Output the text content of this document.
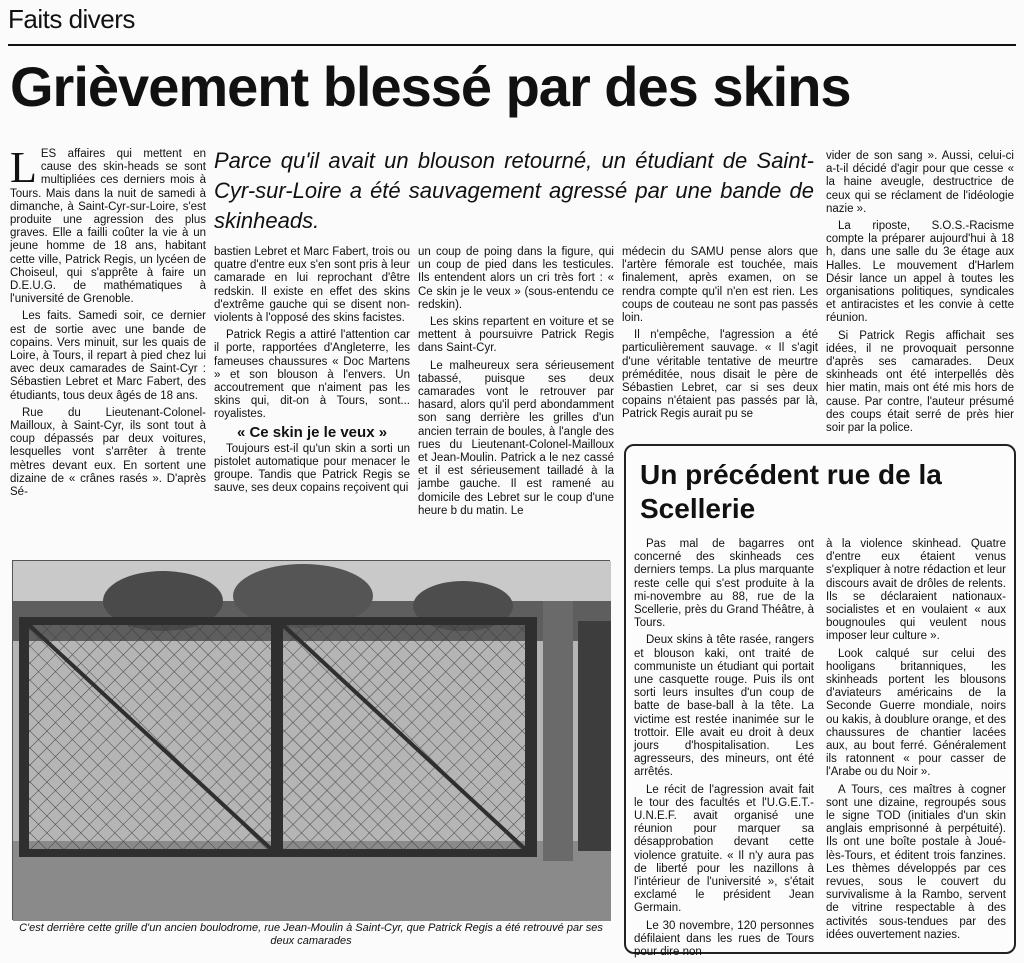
Faits divers
Grièvement blessé par des skins

LES affaires qui mettent en cause des skin-heads se sont multipliées ces derniers mois à Tours. Mais dans la nuit de samedi à dimanche, à Saint-Cyr-sur-Loire, s'est produite une agression des plus graves. Elle a failli coûter la vie à un jeune homme de 18 ans, habitant cette ville, Patrick Regis, un lycéen de Choiseul, qui s'apprête à faire un D.E.U.G. de mathématiques à l'université de Grenoble.

Les faits. Samedi soir, ce dernier est de sortie avec une bande de copains. Vers minuit, sur les quais de Loire, à Tours, il repart à pied chez lui avec deux camarades de Saint-Cyr : Sébastien Lebret et Marc Fabert, des étudiants, tous deux âgés de 18 ans.

Rue du Lieutenant-Colonel-Mailloux, à Saint-Cyr, ils sont tout à coup dépassés par deux voitures, lesquelles vont s'arrêter à trente mètres devant eux. En sortent une dizaine de « crânes rasés ». D'après Sé-

Parce qu'il avait un blouson retourné, un étudiant de Saint-Cyr-sur-Loire a été sauvagement agressé par une bande de skinheads.

bastien Lebret et Marc Fabert, trois ou quatre d'entre eux s'en sont pris à leur camarade en lui reprochant d'être redskin. Il existe en effet des skins d'extrême gauche qui se disent non-violents à l'opposé des skins facistes.

Patrick Regis a attiré l'attention car il porte, rapportées d'Angleterre, les fameuses chaussures « Doc Martens » et son blouson à l'envers. Un accoutrement que n'aiment pas les skins qui, dit-on à Tours, sont... royalistes.

« Ce skin je le veux »

Toujours est-il qu'un skin a sorti un pistolet automatique pour menacer le groupe. Tandis que Patrick Regis se sauve, ses deux copains reçoivent qui

un coup de poing dans la figure, qui un coup de pied dans les testicules. Ils entendent alors un cri très fort : « Ce skin je le veux » (sous-entendu ce redskin).

Les skins repartent en voiture et se mettent à poursuivre Patrick Regis dans Saint-Cyr.

Le malheureux sera sérieusement tabassé, puisque ses deux camarades vont le retrouver par hasard, alors qu'il perd abondamment son sang derrière les grilles d'un ancien terrain de boules, à l'angle des rues du Lieutenant-Colonel-Mailloux et Jean-Moulin. Patrick a le nez cassé et il est sérieusement tailladé à la jambe gauche. Il est ramené au domicile des Lebret sur le coup d'une heure b du matin. Le

médecin du SAMU pense alors que l'artère fémorale est touchée, mais finalement, après examen, on se rendra compte qu'il n'en est rien. Les coups de couteau ne sont pas passés loin.

Il n'empêche, l'agression a été particulièrement sauvage. « Il s'agit d'une véritable tentative de meurtre préméditée, nous disait le père de Sébastien Lebret, car si ses deux copains n'étaient pas passés par là, Patrick Regis aurait pu se

vider de son sang ». Aussi, celui-ci a-t-il décidé d'agir pour que cesse « la haine aveugle, destructrice de ceux qui se réclament de l'idéologie nazie ».

La riposte, S.O.S.-Racisme compte la préparer aujourd'hui à 18 h, dans une salle du 3e étage aux Halles. Le mouvement d'Harlem Désir lance un appel à toutes les organisations politiques, syndicales et antiracistes et les convie à cette réunion.

Si Patrick Regis affichait ses idées, il ne provoquait personne d'après ses camarades. Deux skinheads ont été interpellés dès hier matin, mais ont été mis hors de cause. Par contre, l'auteur présumé des coups était serré de près hier soir par la police.

C'est derrière cette grille d'un ancien boulodrome, rue Jean-Moulin à Saint-Cyr, que Patrick Regis a été retrouvé par ses deux camarades
Un précédent rue de la Scellerie

Pas mal de bagarres ont concerné des skinheads ces derniers temps. La plus marquante reste celle qui s'est produite à la mi-novembre au 88, rue de la Scellerie, près du Grand Théâtre, à Tours.

Deux skins à tête rasée, rangers et blouson kaki, ont traité de communiste un étudiant qui portait une casquette rouge. Puis ils ont sorti leurs insultes d'un coup de batte de base-ball à la tête. La victime est restée inanimée sur le trottoir. Elle avait eu droit à deux jours d'hospitalisation. Les agresseurs, des mineurs, ont été arrêtés.

Le récit de l'agression avait fait le tour des facultés et l'U.G.E.T.-U.N.E.F. avait organisé une réunion pour marquer sa désapprobation devant cette violence gratuite. « Il n'y aura pas de liberté pour les nazillons à l'intérieur de l'université », s'était exclamé le président Jean Germain.

Le 30 novembre, 120 personnes défilaient dans les rues de Tours pour dire non

à la violence skinhead. Quatre d'entre eux étaient venus s'expliquer à notre rédaction et leur discours avait de drôles de relents. Ils se déclaraient nationaux-socialistes et en voulaient « aux bougnoules qui veulent nous imposer leur culture ».

Look calqué sur celui des hooligans britanniques, les skinheads portent les blousons d'aviateurs américains de la Seconde Guerre mondiale, noirs ou kakis, à doublure orange, et des chaussures de chantier lacées aux, au bout ferré. Généralement ils ratonnent « pour casser de l'Arabe ou du Noir ».

A Tours, ces maîtres à cogner sont une dizaine, regroupés sous le signe TOD (initiales d'un skin anglais emprisonné à perpétuité). Ils ont une boîte postale à Joué-lès-Tours, et éditent trois fanzines. Les thèmes développés par ces revues, sous le couvert du survivalisme à la Rambo, servent de vitrine respectable à des activités sous-tendues par des idées ouvertement nazies.
